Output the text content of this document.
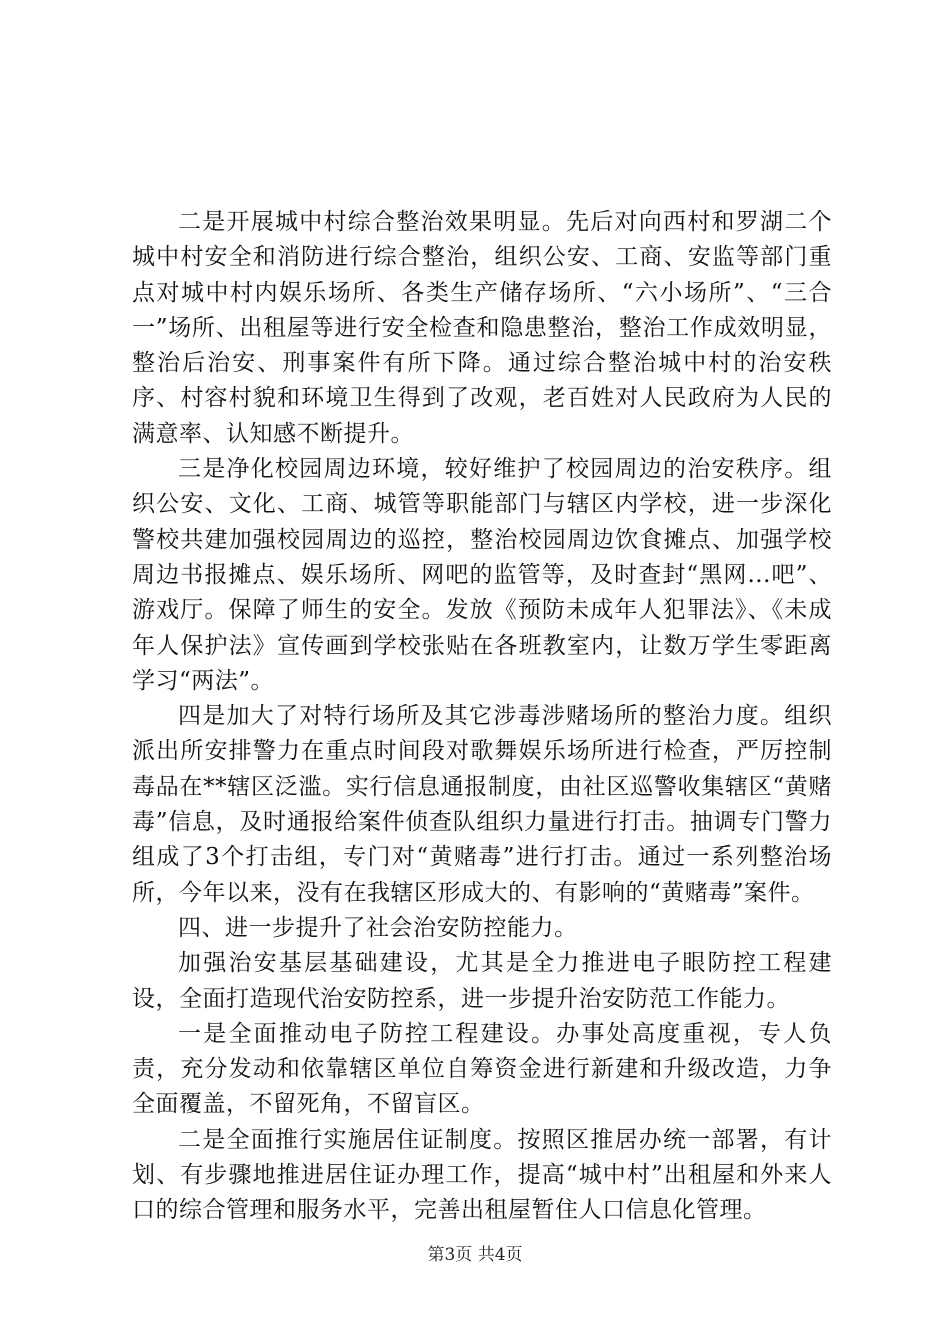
二是开展城中村综合整治效果明显。先后对向西村和罗湖二个城中村安全和消防进行综合整治，组织公安、工商、安监等部门重点对城中村内娱乐场所、各类生产储存场所、“六小场所”、“三合一”场所、出租屋等进行安全检查和隐患整治，整治工作成效明显，整治后治安、刑事案件有所下降。通过综合整治城中村的治安秩序、村容村貌和环境卫生得到了改观，老百姓对人民政府为人民的满意率、认知感不断提升。

三是净化校园周边环境，较好维护了校园周边的治安秩序。组织公安、文化、工商、城管等职能部门与辖区内学校，进一步深化警校共建加强校园周边的巡控，整治校园周边饮食摊点、加强学校周边书报摊点、娱乐场所、网吧的监管等，及时查封“黑网...吧”、游戏厅。保障了师生的安全。发放《预防未成年人犯罪法》、《未成年人保护法》宣传画到学校张贴在各班教室内，让数万学生零距离学习“两法”。

四是加大了对特行场所及其它涉毒涉赌场所的整治力度。组织派出所安排警力在重点时间段对歌舞娱乐场所进行检查，严厉控制毒品在**辖区泛滥。实行信息通报制度，由社区巡警收集辖区“黄赌毒”信息，及时通报给案件侦查队组织力量进行打击。抽调专门警力组成了3个打击组，专门对“黄赌毒”进行打击。通过一系列整治场所，今年以来，没有在我辖区形成大的、有影响的“黄赌毒”案件。

四、进一步提升了社会治安防控能力。

加强治安基层基础建设，尤其是全力推进电子眼防控工程建设，全面打造现代治安防控系，进一步提升治安防范工作能力。

一是全面推动电子防控工程建设。办事处高度重视，专人负责，充分发动和依靠辖区单位自筹资金进行新建和升级改造，力争全面覆盖，不留死角，不留盲区。

二是全面推行实施居住证制度。按照区推居办统一部署，有计划、有步骤地推进居住证办理工作，提高“城中村”出租屋和外来人口的综合管理和服务水平，完善出租屋暂住人口信息化管理。

第3页 共4页
